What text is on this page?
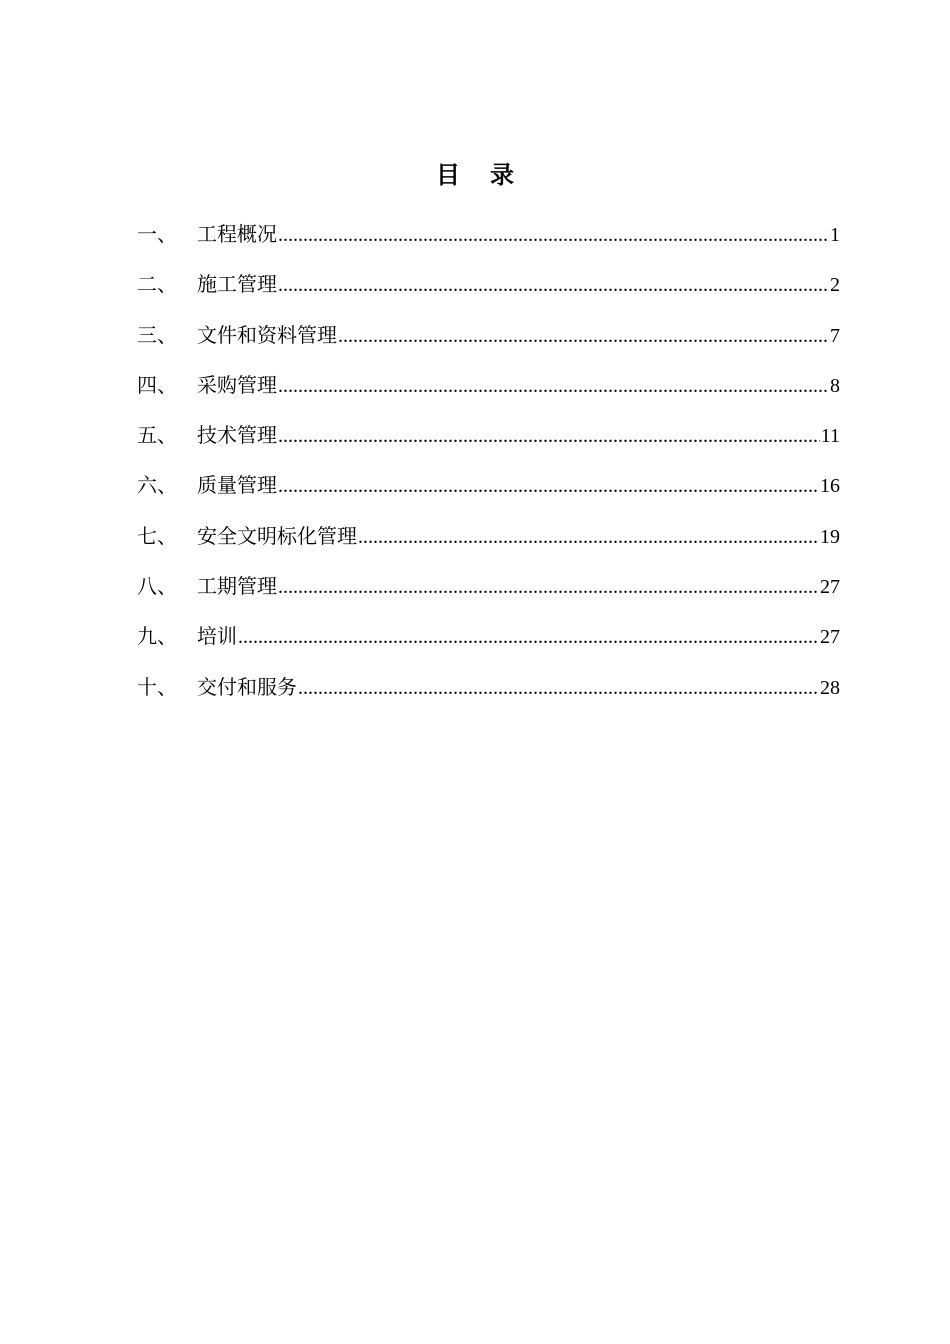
目 录
一、	工程概况 .....	1
二、	施工管理 .....	2
三、	文件和资料管理 .....	7
四、	采购管理 .....	8
五、	技术管理 .....	11
六、	质量管理 .....	16
七、	安全文明标化管理 .....	19
八、	工期管理 .....	27
九、	培训 .....	27
十、	交付和服务 .....	28
